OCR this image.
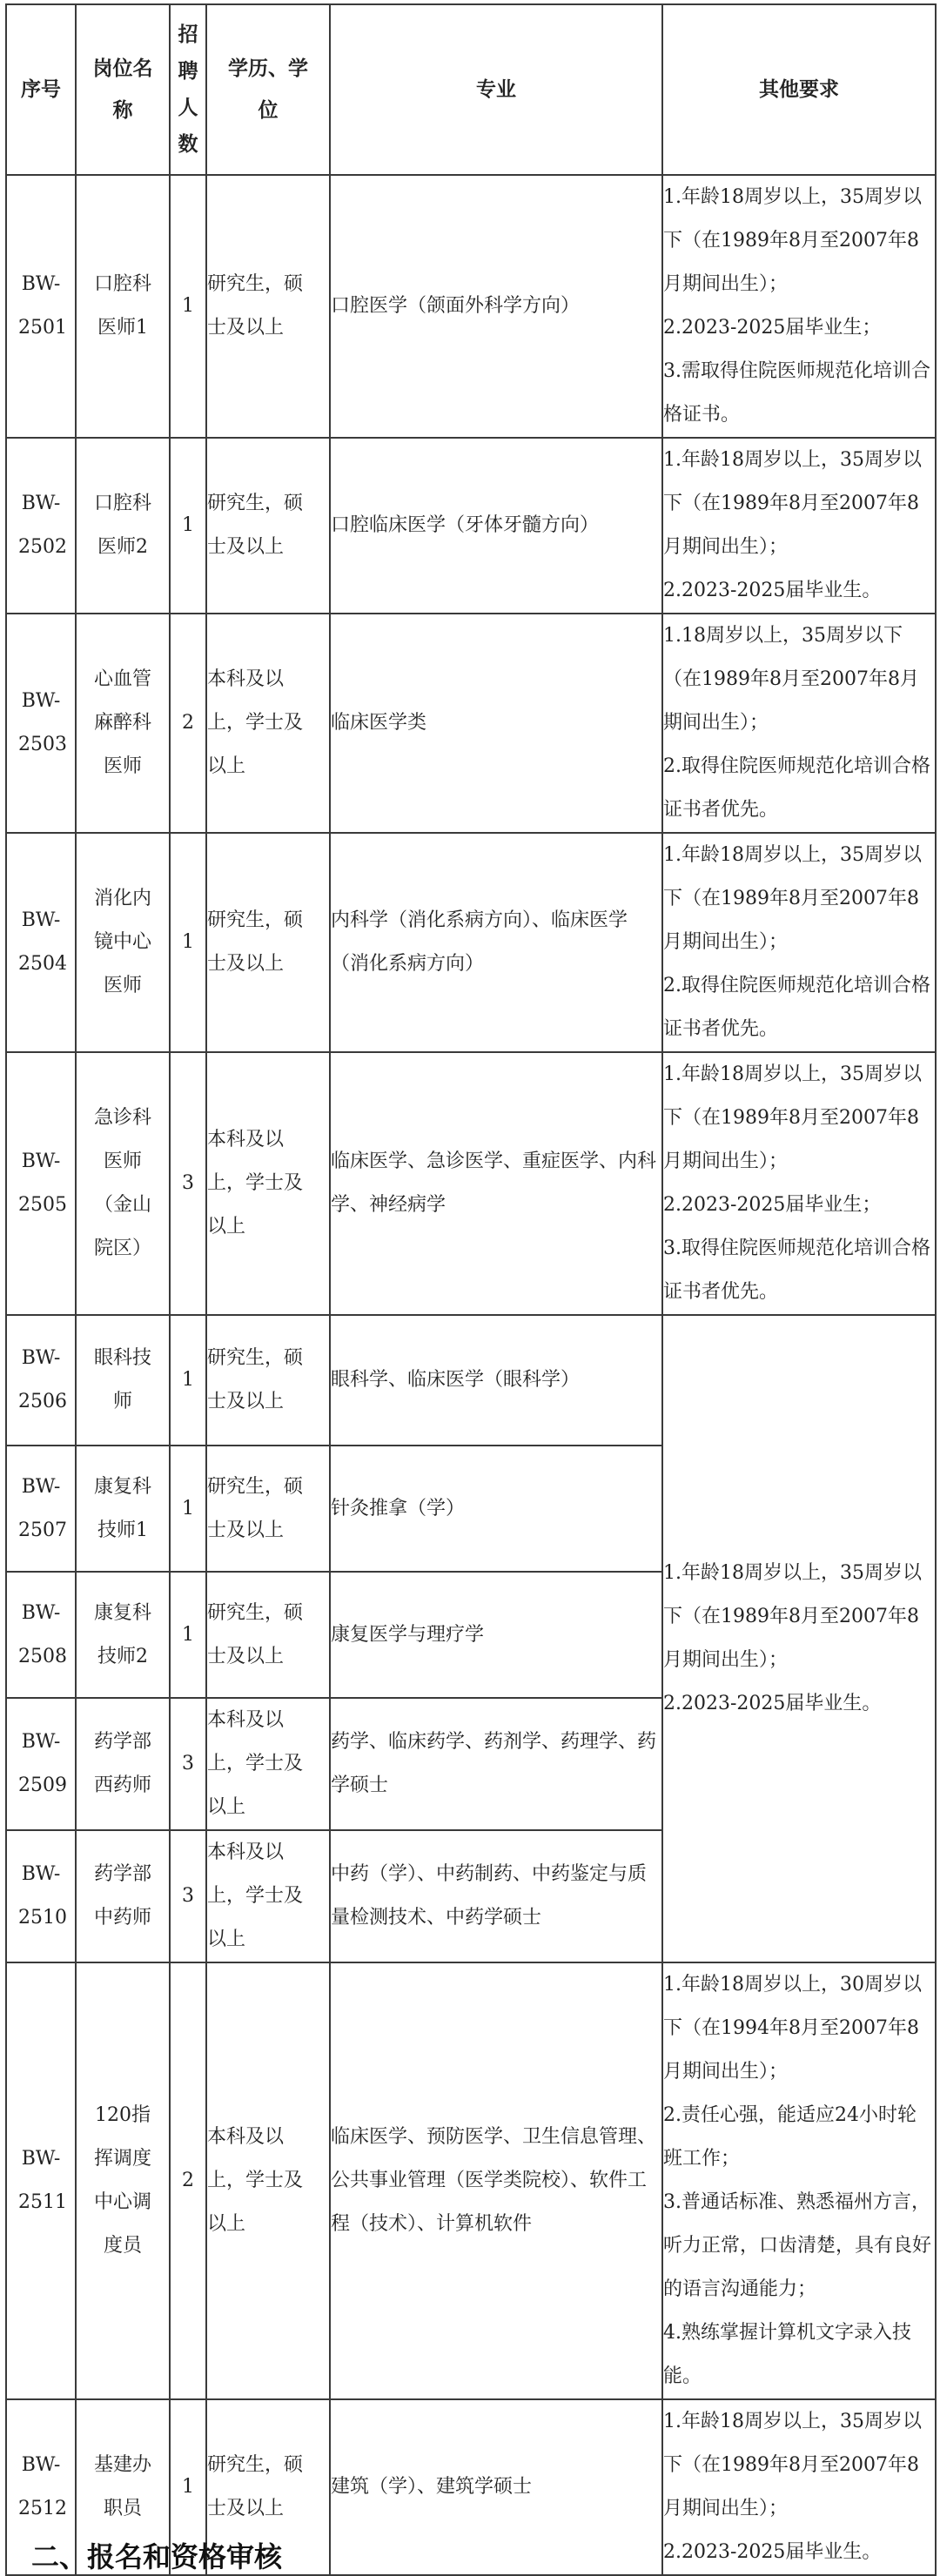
序号	岗位名称	招聘人数	学历、学位	专业	其他要求

BW-2501	口腔科医师1	1	研究生，硕士及以上	口腔医学（颌面外科学方向）	1.年龄18周岁以上，35周岁以下（在1989年8月至2007年8月期间出生）；
2.2023-2025届毕业生；
3.需取得住院医师规范化培训合格证书。

BW-2502	口腔科医师2	1	研究生，硕士及以上	口腔临床医学（牙体牙髓方向）	1.年龄18周岁以上，35周岁以下（在1989年8月至2007年8月期间出生）；
2.2023-2025届毕业生。

BW-2503	心血管麻醉科医师	2	本科及以上，学士及以上	临床医学类	1.18周岁以上，35周岁以下（在1989年8月至2007年8月期间出生）；
2.取得住院医师规范化培训合格证书者优先。

BW-2504	消化内镜中心医师	1	研究生，硕士及以上	内科学（消化系病方向）、临床医学（消化系病方向）	1.年龄18周岁以上，35周岁以下（在1989年8月至2007年8月期间出生）；
2.取得住院医师规范化培训合格证书者优先。

BW-2505	急诊科医师（金山院区）	3	本科及以上，学士及以上	临床医学、急诊医学、重症医学、内科学、神经病学	1.年龄18周岁以上，35周岁以下（在1989年8月至2007年8月期间出生）；
2.2023-2025届毕业生；
3.取得住院医师规范化培训合格证书者优先。

BW-2506	眼科技师	1	研究生，硕士及以上	眼科学、临床医学（眼科学）	1.年龄18周岁以上，35周岁以下（在1989年8月至2007年8月期间出生）；
2.2023-2025届毕业生。

BW-2507	康复科技师1	1	研究生，硕士及以上	针灸推拿（学）	

BW-2508	康复科技师2	1	研究生，硕士及以上	康复医学与理疗学	

BW-2509	药学部西药师	3	本科及以上，学士及以上	药学、临床药学、药剂学、药理学、药学硕士	

BW-2510	药学部中药师	3	本科及以上，学士及以上	中药（学）、中药制药、中药鉴定与质量检测技术、中药学硕士	

BW-2511	120指挥调度中心调度员	2	本科及以上，学士及以上	临床医学、预防医学、卫生信息管理、公共事业管理（医学类院校）、软件工程（技术）、计算机软件	1.年龄18周岁以上，30周岁以下（在1994年8月至2007年8月期间出生）；
2.责任心强，能适应24小时轮班工作；
3.普通话标准、熟悉福州方言，听力正常，口齿清楚，具有良好的语言沟通能力；
4.熟练掌握计算机文字录入技能。

BW-2512	基建办职员	1	研究生，硕士及以上	建筑（学）、建筑学硕士	1.年龄18周岁以上，35周岁以下（在1989年8月至2007年8月期间出生）；
2.2023-2025届毕业生。
二、报名和资格审核
